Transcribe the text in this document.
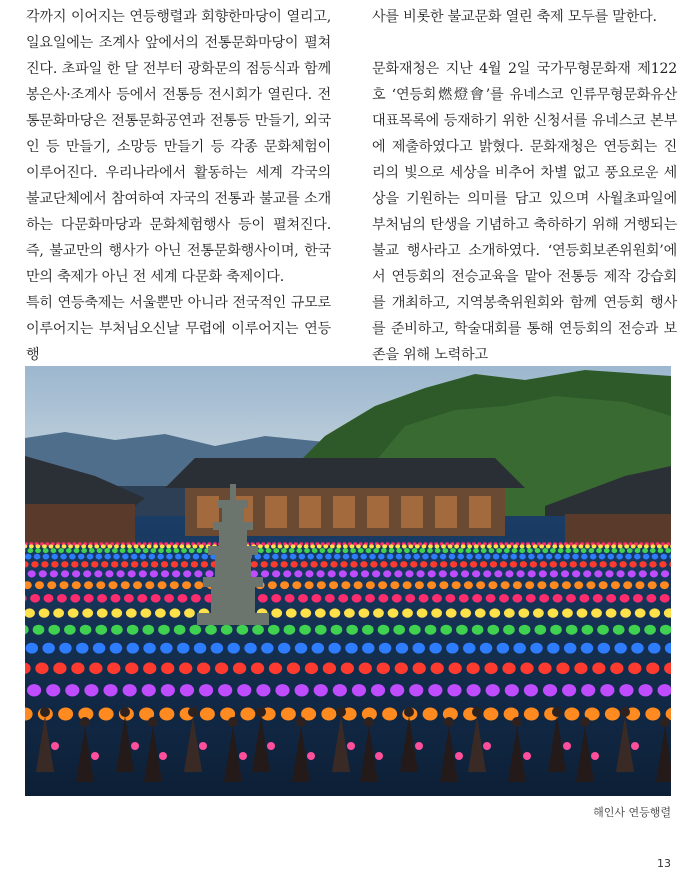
각까지 이어지는 연등행렬과 회향한마당이 열리고, 일요일에는 조계사 앞에서의 전통문화마당이 펼쳐진다. 초파일 한 달 전부터 광화문의 점등식과 함께 봉은사·조계사 등에서 전통등 전시회가 열린다. 전통문화마당은 전통문화공연과 전통등 만들기, 외국인 등 만들기, 소망등 만들기 등 각종 문화체험이 이루어진다. 우리나라에서 활동하는 세계 각국의 불교단체에서 참여하여 자국의 전통과 불교를 소개하는 다문화마당과 문화체험행사 등이 펼쳐진다. 즉, 불교만의 행사가 아닌 전통문화행사이며, 한국만의 축제가 아닌 전 세계 다문화 축제이다.

특히 연등축제는 서울뿐만 아니라 전국적인 규모로 이루어지는 부처님오신날 무렵에 이루어지는 연등행

사를 비롯한 불교문화 열린 축제 모두를 말한다.

문화재청은 지난 4월 2일 국가무형문화재 제122호 ‘연등회燃燈會’를 유네스코 인류무형문화유산 대표목록에 등재하기 위한 신청서를 유네스코 본부에 제출하였다고 밝혔다. 문화재청은 연등회는 진리의 빛으로 세상을 비추어 차별 없고 풍요로운 세상을 기원하는 의미를 담고 있으며 사월초파일에 부처님의 탄생을 기념하고 축하하기 위해 거행되는 불교 행사라고 소개하였다. ‘연등회보존위원회’에서 연등회의 전승교육을 맡아 전통등 제작 강습회를 개최하고, 지역봉축위원회와 함께 연등회 행사를 준비하고, 학술대회를 통해 연등회의 전승과 보존을 위해 노력하고

해인사 연등행렬
13
